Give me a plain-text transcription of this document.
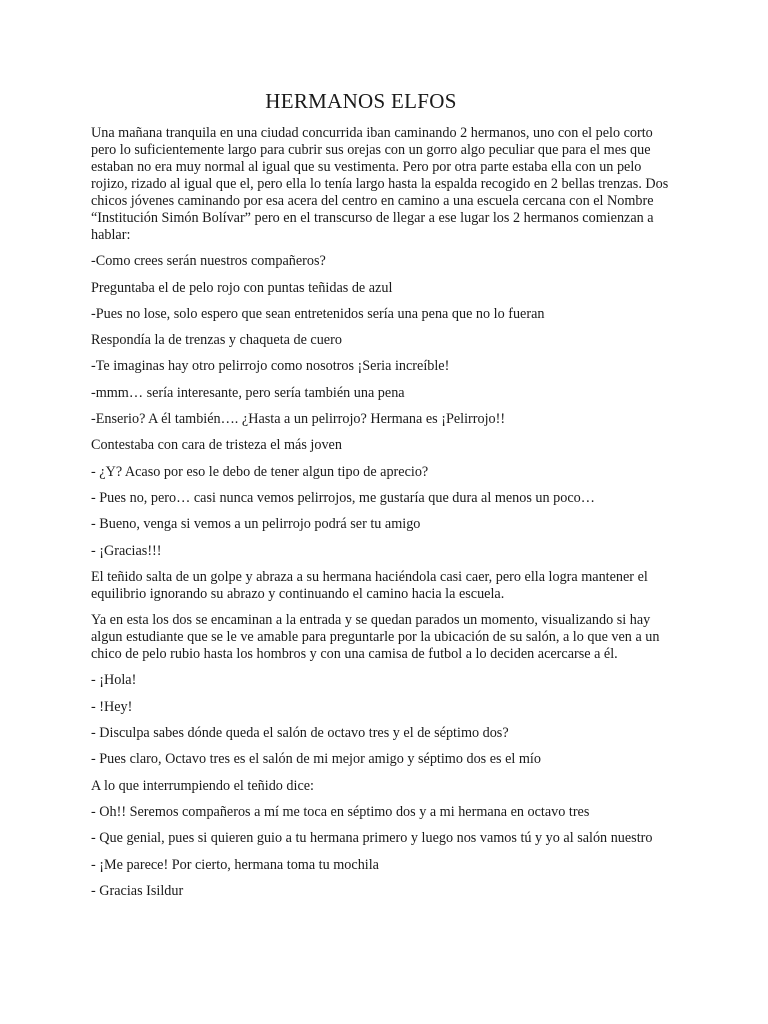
HERMANOS ELFOS

Una mañana tranquila en una ciudad concurrida iban caminando 2 hermanos, uno con el pelo corto pero lo suficientemente largo para cubrir sus orejas con un gorro algo peculiar que para el mes que estaban no era muy normal al igual que su vestimenta. Pero por otra parte estaba ella con un pelo rojizo, rizado al igual que el, pero ella lo tenía largo hasta la espalda recogido en 2 bellas trenzas. Dos chicos jóvenes caminando por esa acera del centro en camino a una escuela cercana con el Nombre “Institución Simón Bolívar” pero en el transcurso de llegar a ese lugar los 2 hermanos comienzan a hablar:

-Como crees serán nuestros compañeros?

Preguntaba el de pelo rojo con puntas teñidas de azul

-Pues no lose, solo espero que sean entretenidos sería una pena que no lo fueran

Respondía la de trenzas y chaqueta de cuero

-Te imaginas hay otro pelirrojo como nosotros ¡Seria increíble!

-mmm… sería interesante, pero sería también una pena

-Enserio? A él también…. ¿Hasta a un pelirrojo? Hermana es ¡Pelirrojo!!

Contestaba con cara de tristeza el más joven

- ¿Y? Acaso por eso le debo de tener algun tipo de aprecio?

- Pues no, pero… casi nunca vemos pelirrojos, me gustaría que dura al menos un poco…

- Bueno, venga si vemos a un pelirrojo podrá ser tu amigo

- ¡Gracias!!!

El teñido salta de un golpe y abraza a su hermana haciéndola casi caer, pero ella logra mantener el equilibrio ignorando su abrazo y continuando el camino hacia la escuela.

Ya en esta los dos se encaminan a la entrada y se quedan parados un momento, visualizando si hay algun estudiante que se le ve amable para preguntarle por la ubicación de su salón, a lo que ven a un chico de pelo rubio hasta los hombros y con una camisa de futbol a lo deciden acercarse a él.

- ¡Hola!

- !Hey!

- Disculpa sabes dónde queda el salón de octavo tres y el de séptimo dos?

- Pues claro, Octavo tres es el salón de mi mejor amigo y séptimo dos es el mío

A lo que interrumpiendo el teñido dice:

- Oh!! Seremos compañeros a mí me toca en séptimo dos y a mi hermana en octavo tres

- Que genial, pues si quieren guio a tu hermana primero y luego nos vamos tú y yo al salón nuestro

- ¡Me parece! Por cierto, hermana toma tu mochila

- Gracias Isildur
